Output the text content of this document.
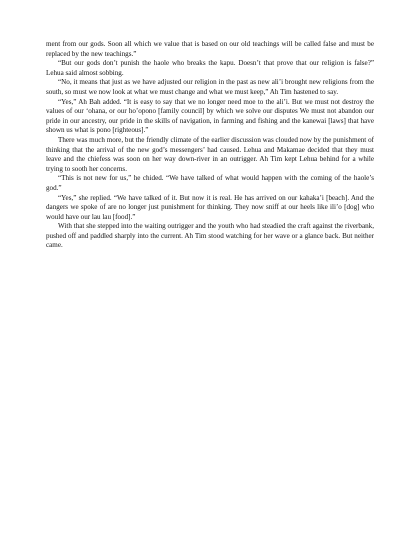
ment from our gods. Soon all which we value that is based on our old teachings will be called false and must be replaced by the new teachings.”

“But our gods don’t punish the haole who breaks the kapu. Doesn’t that prove that our religion is false?” Lehua said almost sobbing.

“No, it means that just as we have adjusted our religion in the past as new ali’i brought new religions from the south, so must we now look at what we must change and what we must keep,” Ah Tim hastened to say.

“Yes,” Ah Bah added. “It is easy to say that we no longer need moe to the ali’i. But we must not destroy the values of our ‘ohana, or our ho’opono [family council] by which we solve our disputes We must not abandon our pride in our ancestry, our pride in the skills of navigation, in farming and fishing and the kanewai [laws] that have shown us what is pono [righteous].”

There was much more, but the friendly climate of the earlier discussion was clouded now by the punishment of thinking that the arrival of the new god’s messengers’ had caused. Lehua and Makamae decided that they must leave and the chiefess was soon on her way down-river in an outrigger. Ah Tim kept Lehua behind for a while trying to sooth her concerns.

“This is not new for us,” he chided. “We have talked of what would happen with the coming of the haole’s god.”

“Yes,” she replied. “We have talked of it. But now it is real. He has arrived on our kahaka’i [beach]. And the dangers we spoke of are no longer just punishment for thinking. They now sniff at our heels like ili’o [dog] who would have our lau lau [food].”

With that she stepped into the waiting outrigger and the youth who had steadied the craft against the riverbank, pushed off and paddled sharply into the current. Ah Tim stood watching for her wave or a glance back. But neither came.
